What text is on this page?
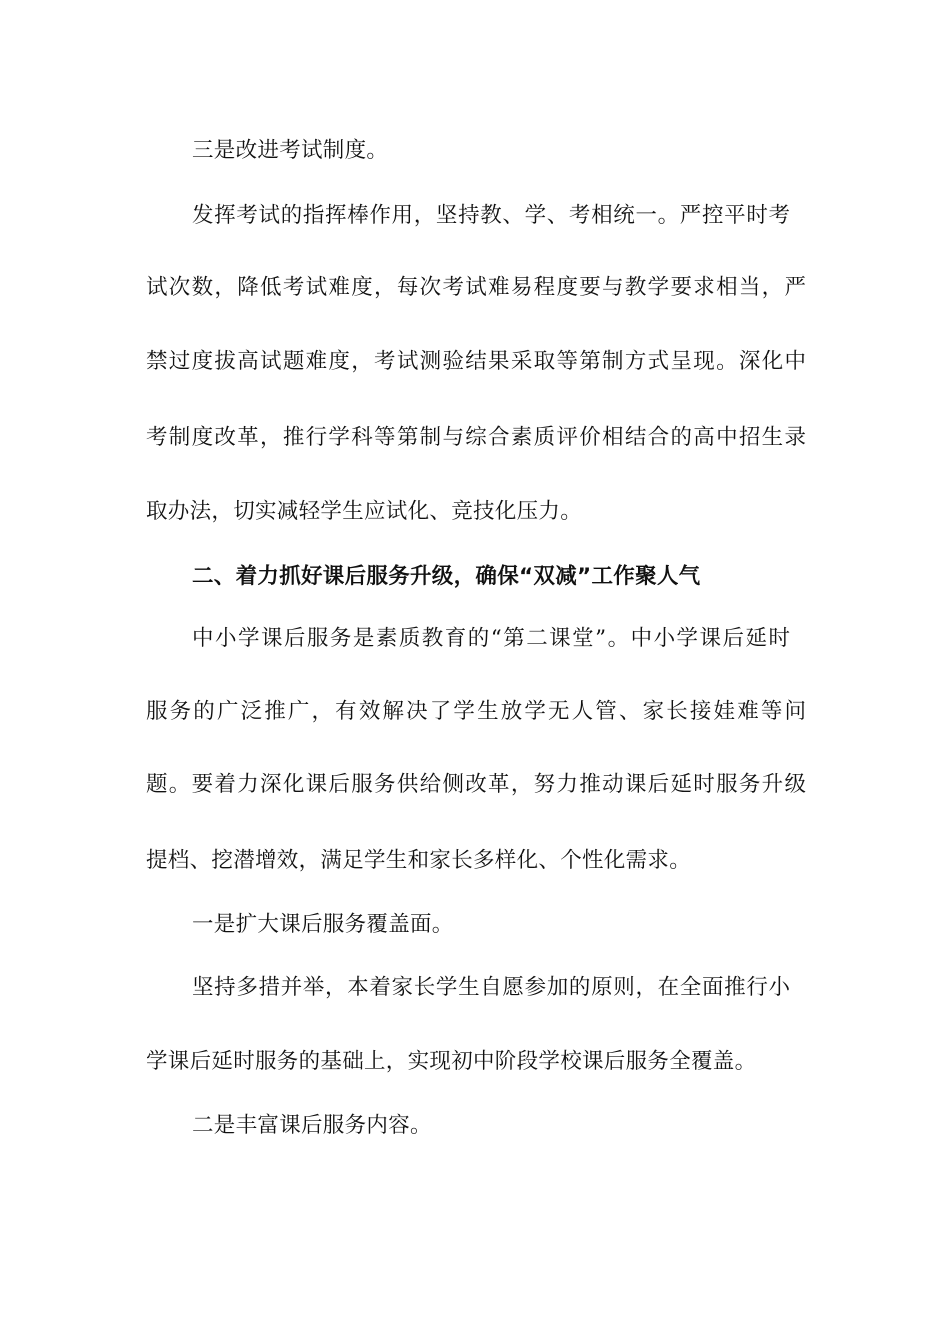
三是改进考试制度。
发挥考试的指挥棒作用，坚持教、学、考相统一。严控平时考
试次数，降低考试难度，每次考试难易程度要与教学要求相当，严
禁过度拔高试题难度，考试测验结果采取等第制方式呈现。深化中
考制度改革，推行学科等第制与综合素质评价相结合的高中招生录
取办法，切实减轻学生应试化、竞技化压力。
二、着力抓好课后服务升级，确保“双减”工作聚人气
中小学课后服务是素质教育的“第二课堂”。中小学课后延时
服务的广泛推广，有效解决了学生放学无人管、家长接娃难等问
题。要着力深化课后服务供给侧改革，努力推动课后延时服务升级
提档、挖潜增效，满足学生和家长多样化、个性化需求。
一是扩大课后服务覆盖面。
坚持多措并举，本着家长学生自愿参加的原则，在全面推行小
学课后延时服务的基础上，实现初中阶段学校课后服务全覆盖。
二是丰富课后服务内容。
